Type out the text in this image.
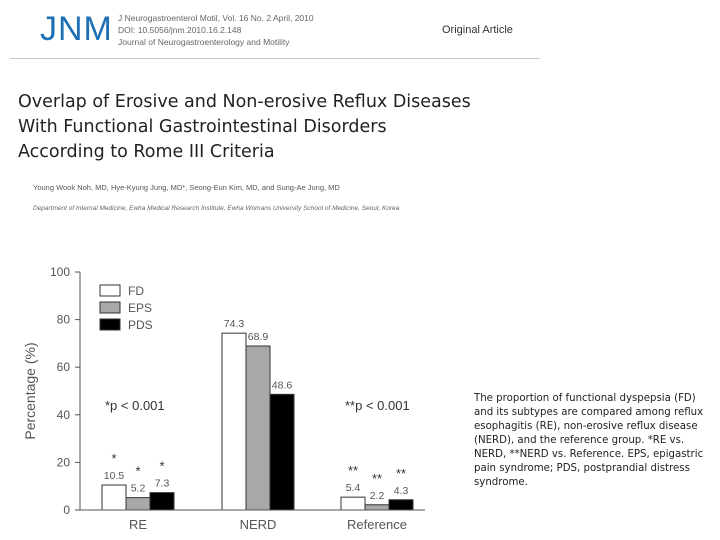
JNM J Neurogastroenterol Motil, Vol. 16 No. 2 April, 2010
DOI: 10.5056/jnm.2010.16.2.148
Journal of Neurogastroenterology and Motility
Original Article
Overlap of Erosive and Non-erosive Reflux Diseases With Functional Gastrointestinal Disorders According to Rome III Criteria
Young Wook Noh, MD, Hye-Kyung Jung, MD*, Seong-Eun Kim, MD, and Sung-Ae Jung, MD
Department of Internal Medicine, Ewha Medical Research Institute, Ewha Womans University School of Medicine, Seoul, Korea
0
20
40
60
80
100
10.5
*
5.2
*
7.3
*
RE
74.3
68.9
48.6
NERD
5.4
**
2.2
**
4.3
**
Reference
FD
EPS
PDS
Percentage (%)	*p < 0.001	**p < 0.001	The proportion of functional dyspepsia (FD) and its subtypes are compared among reflux esophagitis (RE), non-erosive reflux disease (NERD), and the reference group. *RE vs. NERD, **NERD vs. Reference. EPS, epigastric pain syndrome; PDS, postprandial distress syndrome.
